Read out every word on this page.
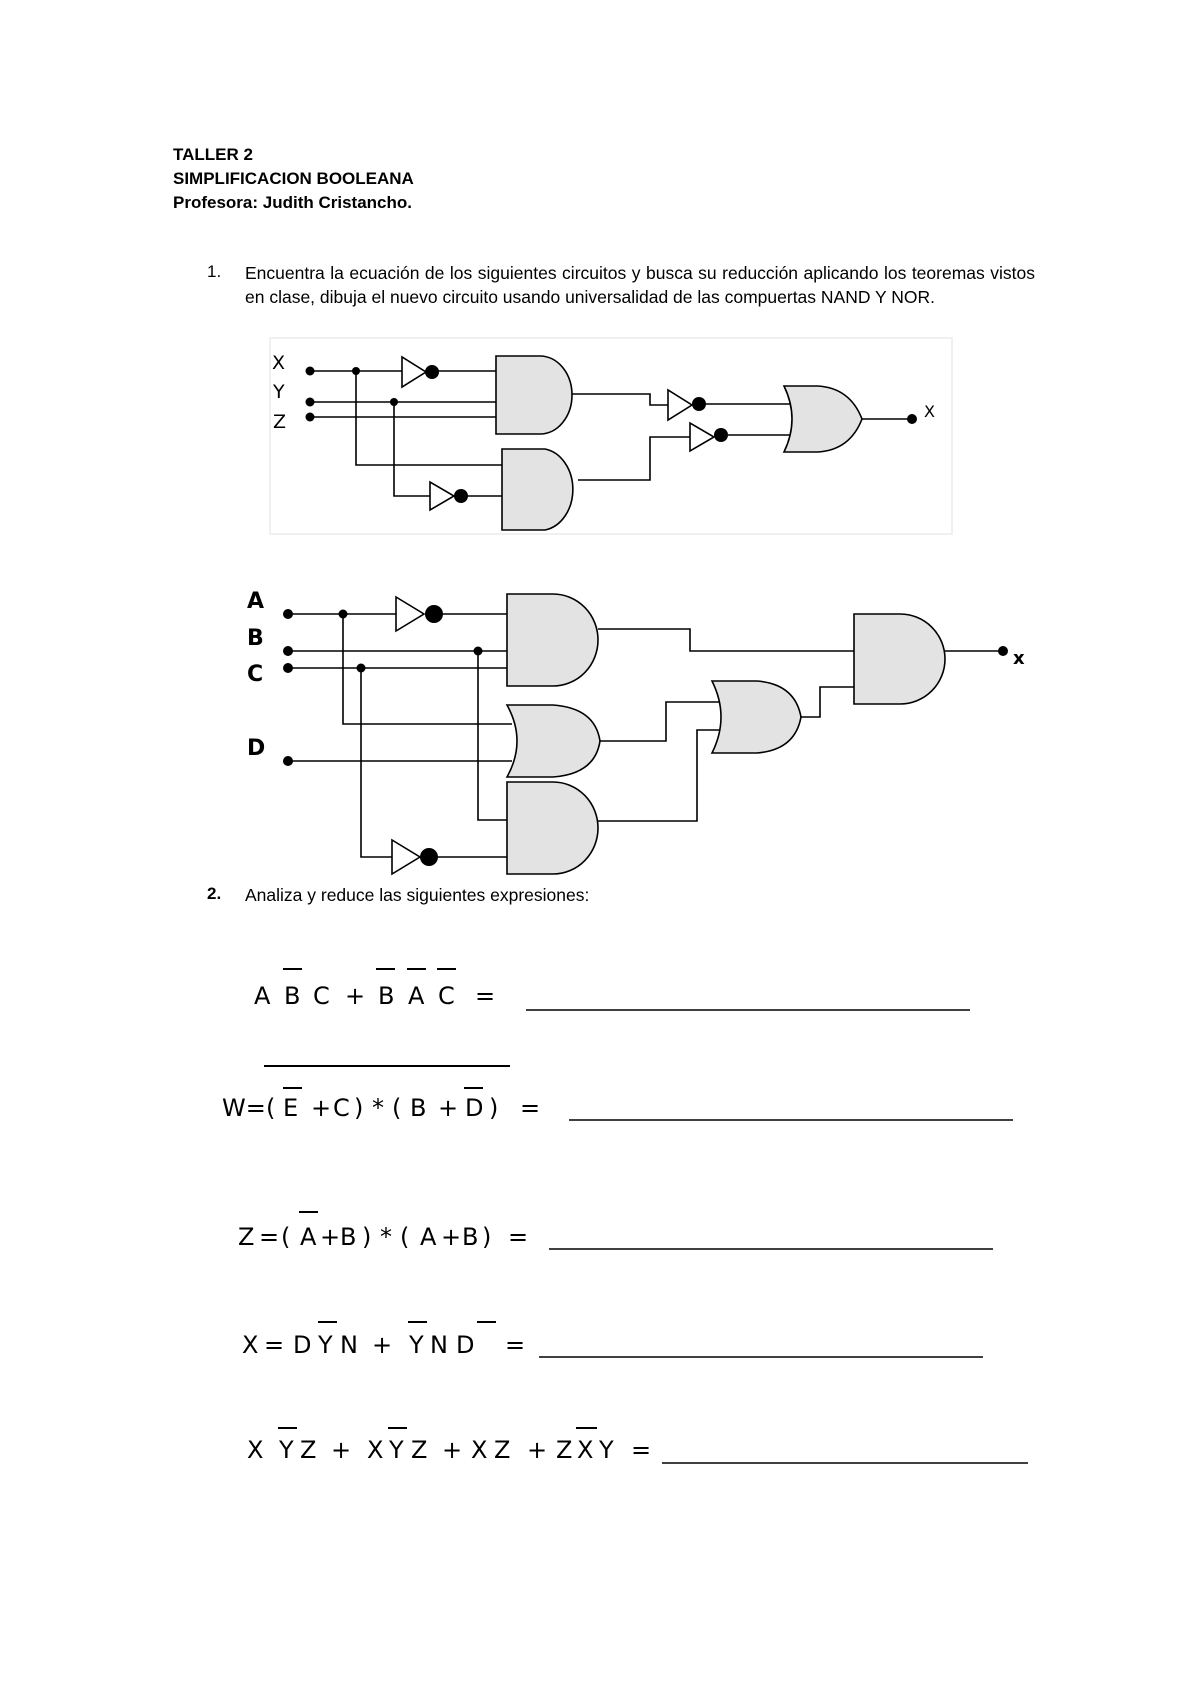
TALLER 2
SIMPLIFICACION BOOLEANA
Profesora: Judith Cristancho.
1. Encuentra la ecuación de los siguientes circuitos y busca su reducción aplicando los teoremas vistos en clase, dibuja el nuevo circuito usando universalidad de las compuertas NAND Y NOR.
X
Y
Z	X
A
B
C
D
x
2. Analiza y reduce las siguientes expresiones:
A B C + B A C =
W= ( E + C ) * ( B + D ) =
Z = ( A + B ) * ( A + B ) =
X = D Y N + Y N D =
X Y Z + X Y Z + X Z + Z X Y =
